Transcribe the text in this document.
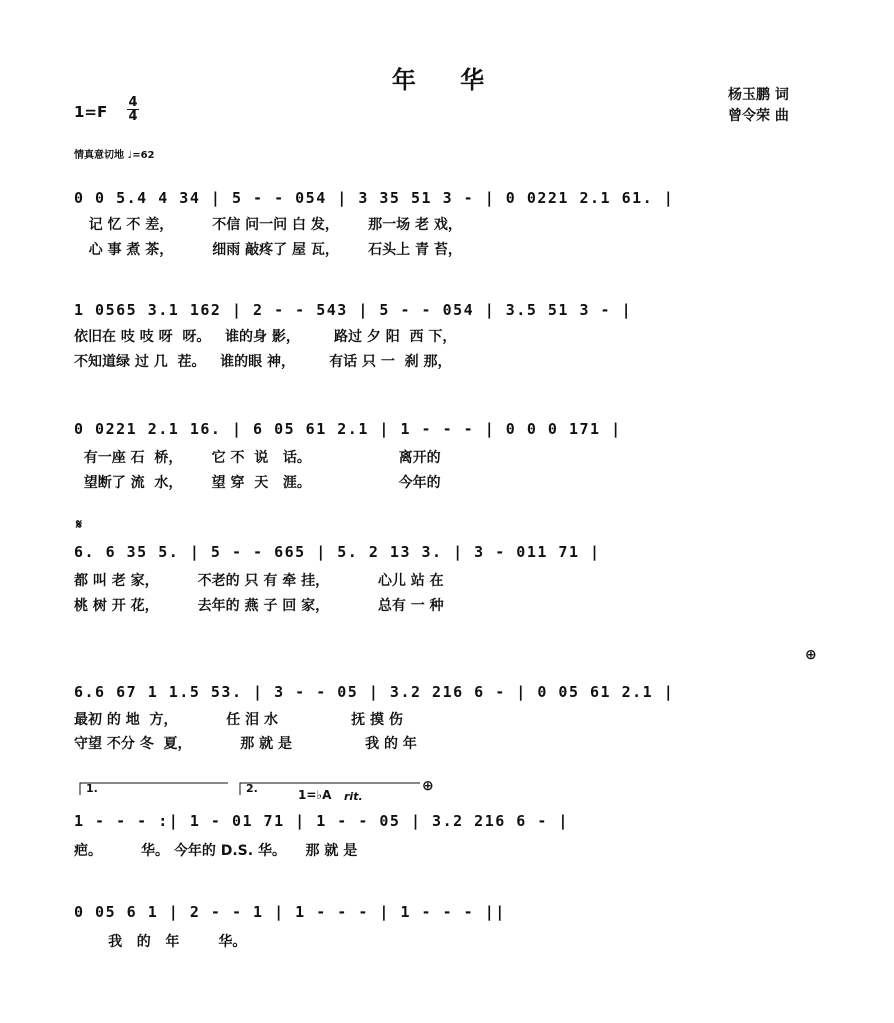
年 华
杨玉鹏 词
曾令荣 曲
1=F
4
4
情真意切地 ♩=62
0 0 5.4 4 34 | 5 - - 054 | 3 35 51 3 - | 0 0221 2.1 61. |
记 忆 不 差，        不信 问一问 白 发，      那一场 老 戏，
心 事 煮 茶，        细雨 敲疼了 屋 瓦，      石头上 青 苔，
1 0565 3.1 162 | 2 - - 543 | 5 - - 054 | 3.5 51 3 - |
依旧在 吱 吱 呀  呀。   谁的身 影，       路过 夕 阳  西 下，
不知道绿 过 几  茬。   谁的眼 神，       有话 只 一  刹 那，
0 0221 2.1 16. | 6 05 61 2.1 | 1 - - - | 0 0 0 171 |
有一座 石  桥，      它 不  说   话。                  离开的
望断了 流  水，      望 穿  天   涯。                  今年的
𝄋
6. 6 35 5. | 5 - - 665 | 5. 2 13 3. | 3 - 011 71 |
都 叫 老 家，        不老的 只 有 牵 挂，          心儿 站 在
桃 树 开 花，        去年的 燕 子 回 家，          总有 一 种
⊕
6.6 67 1 1.5 53. | 3 - - 05 | 3.2 216 6 - | 0 05 61 2.1 |
最初 的 地  方，          任 泪 水               抚 摸 伤
守望 不分 冬  夏，          那 就 是               我 的 年
1.	2.	1=♭A rit.
⊕
1 - - - :| 1 - 01 71 | 1 - - 05 | 3.2 216 6 - |
疤。        华。 今年的 D.S. 华。    那 就 是
0 05 6 1 | 2 - - 1 | 1 - - - | 1 - - - ||
我   的   年        华。
